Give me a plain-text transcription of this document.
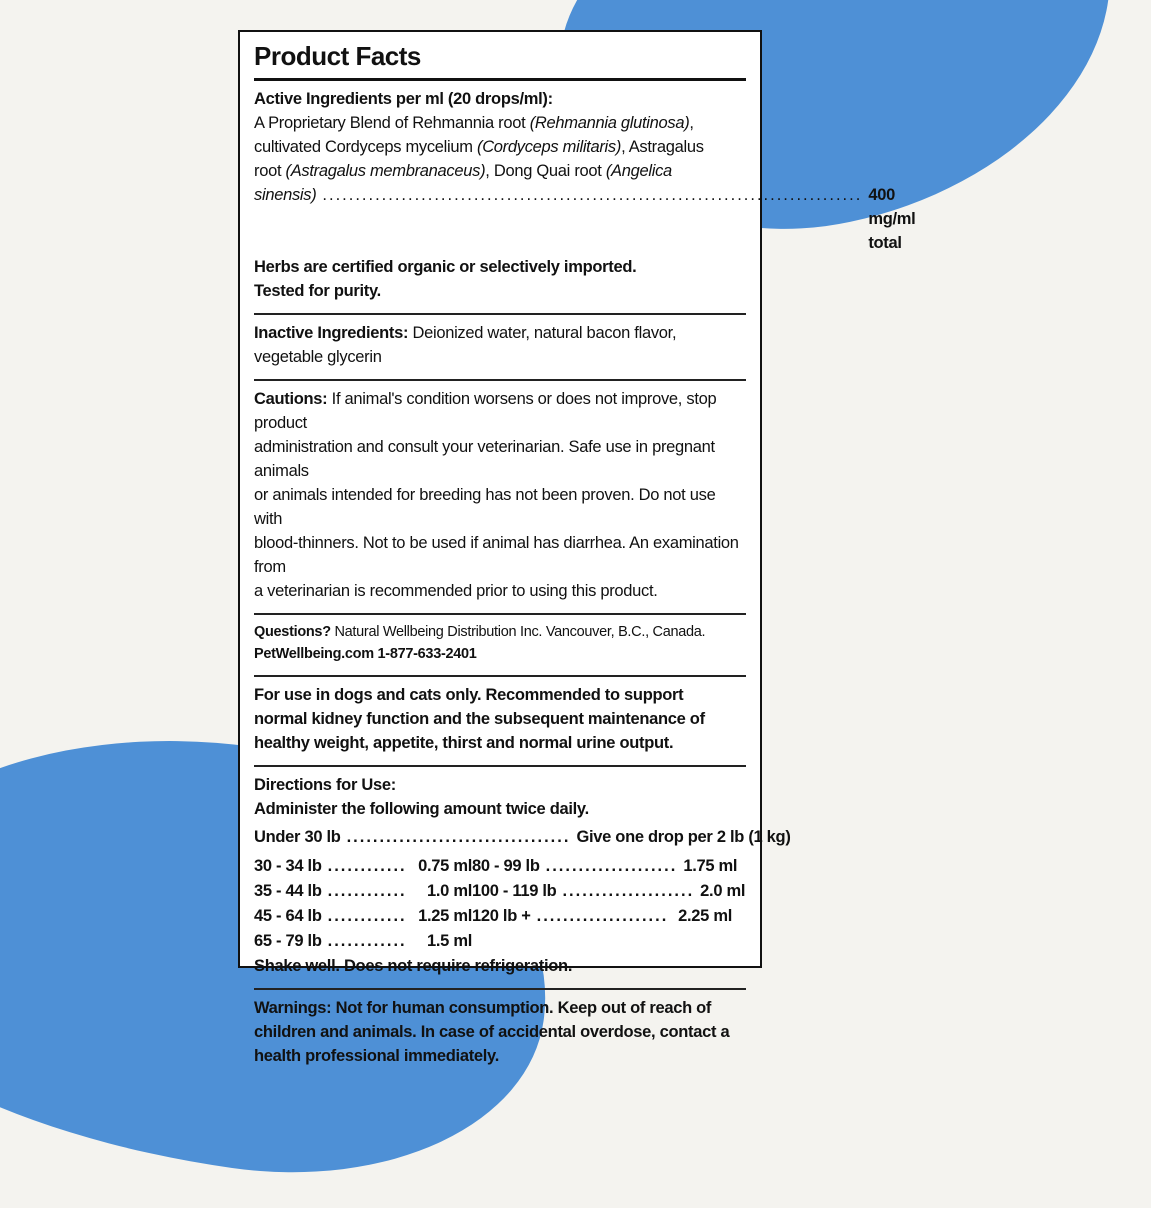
Product Facts

Active Ingredients per ml (20 drops/ml):

A Proprietary Blend of Rehmannia root (Rehmannia glutinosa),

cultivated Cordyceps mycelium (Cordyceps militaris), Astragalus

root (Astragalus membranaceus), Dong Quai root (Angelica

sinensis) .................................................................................. 400 mg/ml total

Herbs are certified organic or selectively imported.

Tested for purity.

Inactive Ingredients: Deionized water, natural bacon flavor,

vegetable glycerin

Cautions: If animal's condition worsens or does not improve, stop product

administration and consult your veterinarian. Safe use in pregnant animals

or animals intended for breeding has not been proven. Do not use with

blood-thinners. Not to be used if animal has diarrhea. An examination from

a veterinarian is recommended prior to using this product.

Questions? Natural Wellbeing Distribution Inc. Vancouver, B.C., Canada.

PetWellbeing.com 1-877-633-2401

For use in dogs and cats only. Recommended to support

normal kidney function and the subsequent maintenance of

healthy weight, appetite, thirst and normal urine output.

Directions for Use:

Administer the following amount twice daily.

Under 30 lb .................................. Give one drop per 2 lb (1 kg)
30 - 34 lb ............ 0.75 ml
35 - 44 lb ............	1.0 ml
45 - 64 lb ............ 1.25 ml
65 - 79 lb ............	1.5 ml
80 - 99 lb .................... 1.75 ml
100 - 119 lb .................... 2.0 ml
120 lb + .................... 2.25 ml

Shake well. Does not require refrigeration.

Warnings: Not for human consumption. Keep out of reach of

children and animals. In case of accidental overdose, contact a

health professional immediately.
